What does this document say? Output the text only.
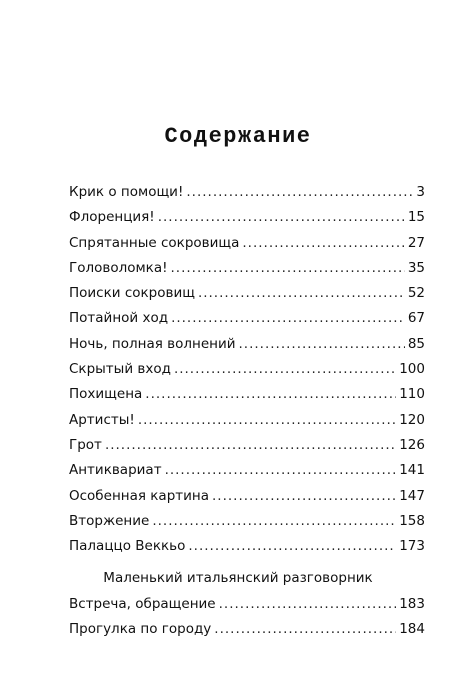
Содержание
Крик о помощи! .....	3
Флоренция! .....	15
Спрятанные сокровища .....	27
Головоломка! .....	35
Поиски сокровищ .....	52
Потайной ход .....	67
Ночь, полная волнений .....	85
Скрытый вход .....	100
Похищена .....	110
Артисты! .....	120
Грот .....	126
Антиквариат .....	141
Особенная картина .....	147
Вторжение .....	158
Палаццо Веккьо .....	173
Маленький итальянский разговорник
Встреча, обращение .....	183
Прогулка по городу .....	184
